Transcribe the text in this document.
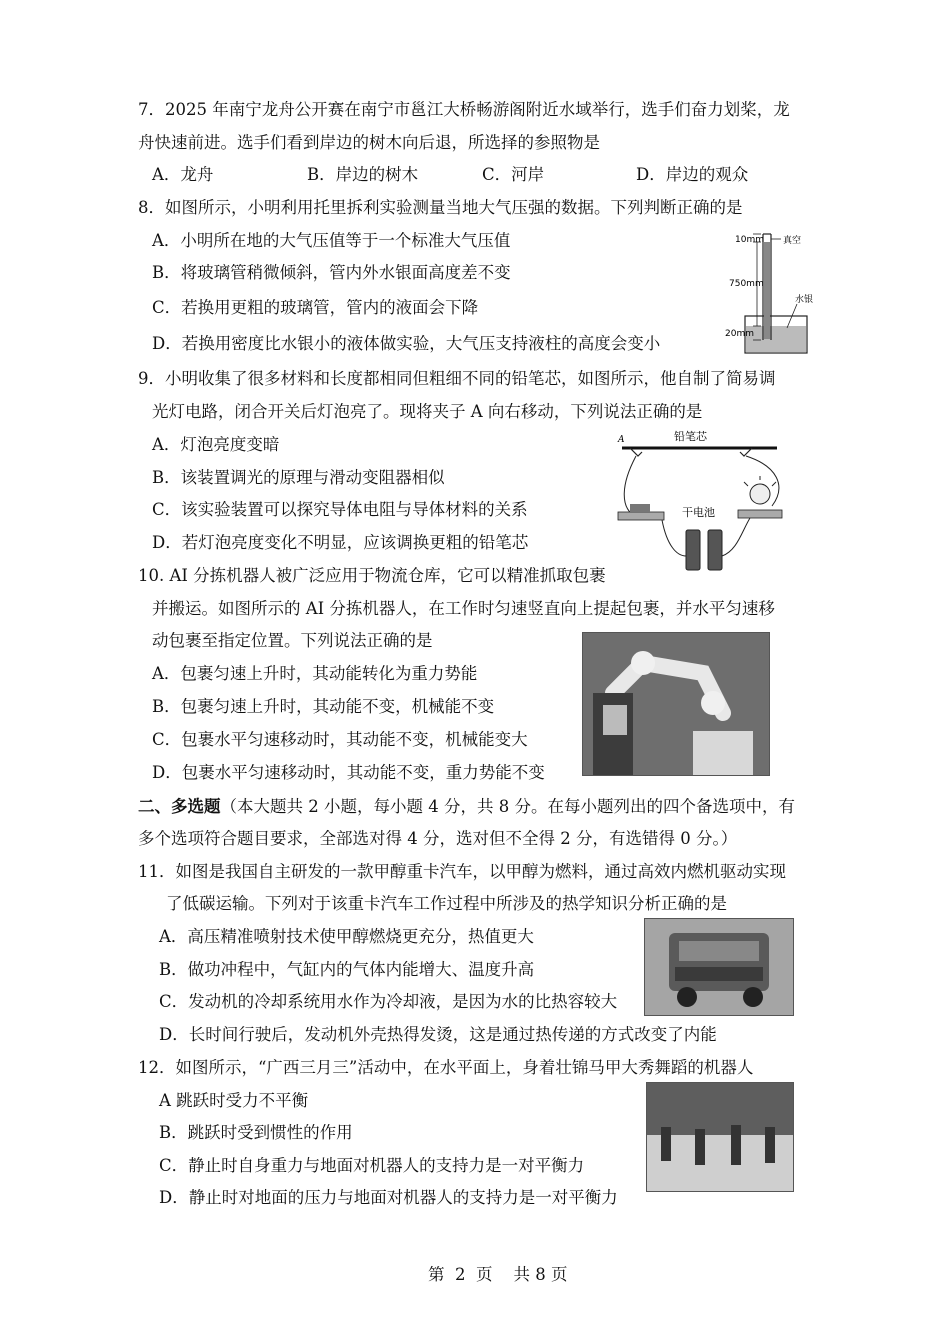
7．2025 年南宁龙舟公开赛在南宁市邕江大桥畅游阁附近水域举行，选手们奋力划桨，龙
舟快速前进。选手们看到岸边的树木向后退，所选择的参照物是
A．龙舟	B．岸边的树木	C．河岸	D．岸边的观众
8．如图所示，小明利用托里拆利实验测量当地大气压强的数据。下列判断正确的是
A．小明所在地的大气压值等于一个标准大气压值
B．将玻璃管稍微倾斜，管内外水银面高度差不变
C．若换用更粗的玻璃管，管内的液面会下降
D．若换用密度比水银小的液体做实验，大气压支持液柱的高度会变小
10mm 真空
750mm
水银
20mm
9．小明收集了很多材料和长度都相同但粗细不同的铅笔芯，如图所示，他自制了简易调
光灯电路，闭合开关后灯泡亮了。现将夹子 A 向右移动，下列说法正确的是
A．灯泡亮度变暗
B．该装置调光的原理与滑动变阻器相似
C．该实验装置可以探究导体电阻与导体材料的关系
D．若灯泡亮度变化不明显，应该调换更粗的铅笔芯
铅笔芯
A
干电池
10. AI 分拣机器人被广泛应用于物流仓库，它可以精准抓取包裹
并搬运。如图所示的 AI 分拣机器人，在工作时匀速竖直向上提起包裹，并水平匀速移
动包裹至指定位置。下列说法正确的是
A．包裹匀速上升时，其动能转化为重力势能
B．包裹匀速上升时，其动能不变，机械能不变
C．包裹水平匀速移动时，其动能不变，机械能变大
D．包裹水平匀速移动时，其动能不变，重力势能不变
二、多选题（本大题共 2 小题，每小题 4 分，共 8 分。在每小题列出的四个备选项中，有
多个选项符合题目要求，全部选对得 4 分，选对但不全得 2 分，有选错得 0 分。）
11．如图是我国自主研发的一款甲醇重卡汽车，以甲醇为燃料，通过高效内燃机驱动实现
了低碳运输。下列对于该重卡汽车工作过程中所涉及的热学知识分析正确的是
A．高压精准喷射技术使甲醇燃烧更充分，热值更大
B．做功冲程中，气缸内的气体内能增大、温度升高
C．发动机的冷却系统用水作为冷却液，是因为水的比热容较大
D．长时间行驶后，发动机外壳热得发烫，这是通过热传递的方式改变了内能
12．如图所示，“广西三月三”活动中，在水平面上，身着壮锦马甲大秀舞蹈的机器人
A 跳跃时受力不平衡
B．跳跃时受到惯性的作用
C．静止时自身重力与地面对机器人的支持力是一对平衡力
D．静止时对地面的压力与地面对机器人的支持力是一对平衡力
第  2  页    共 8 页
